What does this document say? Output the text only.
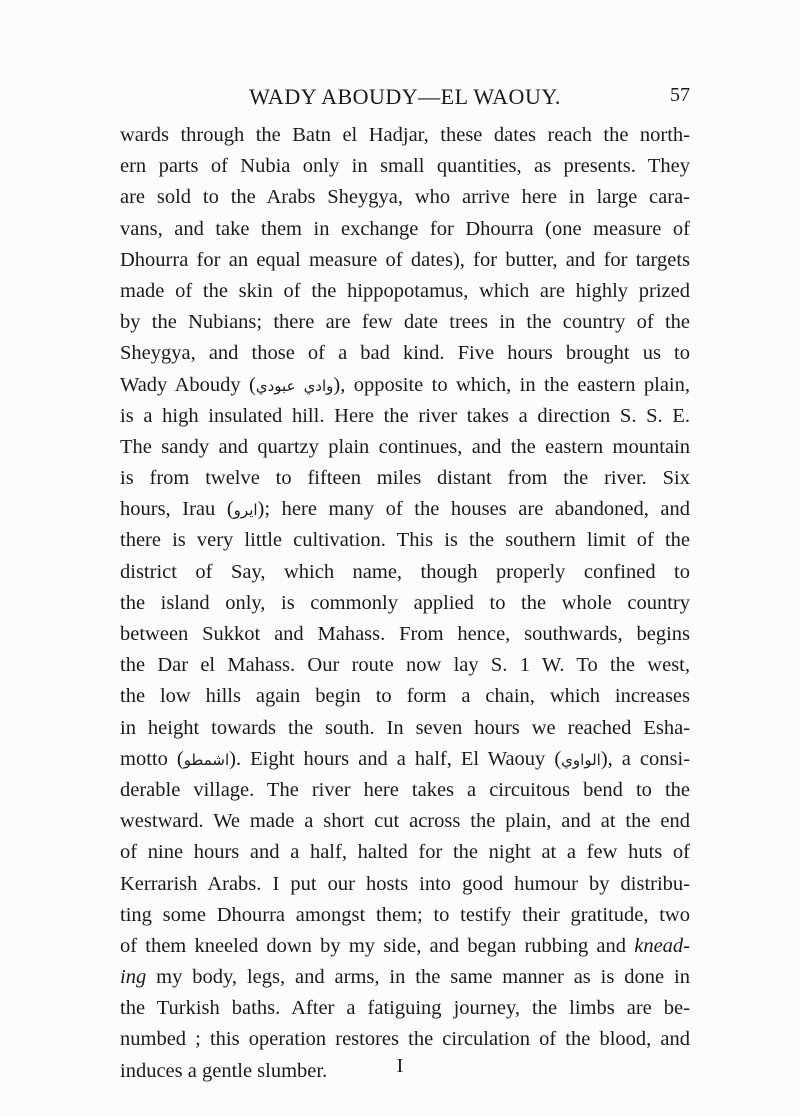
WADY ABOUDY—EL WAOUY.	57
wards through the Batn el Hadjar, these dates reach the north-
ern parts of Nubia only in small quantities, as presents. They
are sold to the Arabs Sheygya, who arrive here in large cara-
vans, and take them in exchange for Dhourra (one measure of
Dhourra for an equal measure of dates), for butter, and for targets
made of the skin of the hippopotamus, which are highly prized
by the Nubians; there are few date trees in the country of the
Sheygya, and those of a bad kind. Five hours brought us to
Wady Aboudy (وادي عبودي), opposite to which, in the eastern plain,
is a high insulated hill. Here the river takes a direction S. S. E.
The sandy and quartzy plain continues, and the eastern mountain
is from twelve to fifteen miles distant from the river. Six
hours, Irau (ايرو); here many of the houses are abandoned, and
there is very little cultivation. This is the southern limit of the
district of Say, which name, though properly confined to
the island only, is commonly applied to the whole country
between Sukkot and Mahass. From hence, southwards, begins
the Dar el Mahass. Our route now lay S. 1 W. To the west,
the low hills again begin to form a chain, which increases
in height towards the south. In seven hours we reached Esha-
motto (اشمطو). Eight hours and a half, El Waouy (الواوي), a consi-
derable village. The river here takes a circuitous bend to the
westward. We made a short cut across the plain, and at the end
of nine hours and a half, halted for the night at a few huts of
Kerrarish Arabs. I put our hosts into good humour by distribu-
ting some Dhourra amongst them; to testify their gratitude, two
of them kneeled down by my side, and began rubbing and knead-
ing my body, legs, and arms, in the same manner as is done in
the Turkish baths. After a fatiguing journey, the limbs are be-
numbed ; this operation restores the circulation of the blood, and
induces a gentle slumber.	I
